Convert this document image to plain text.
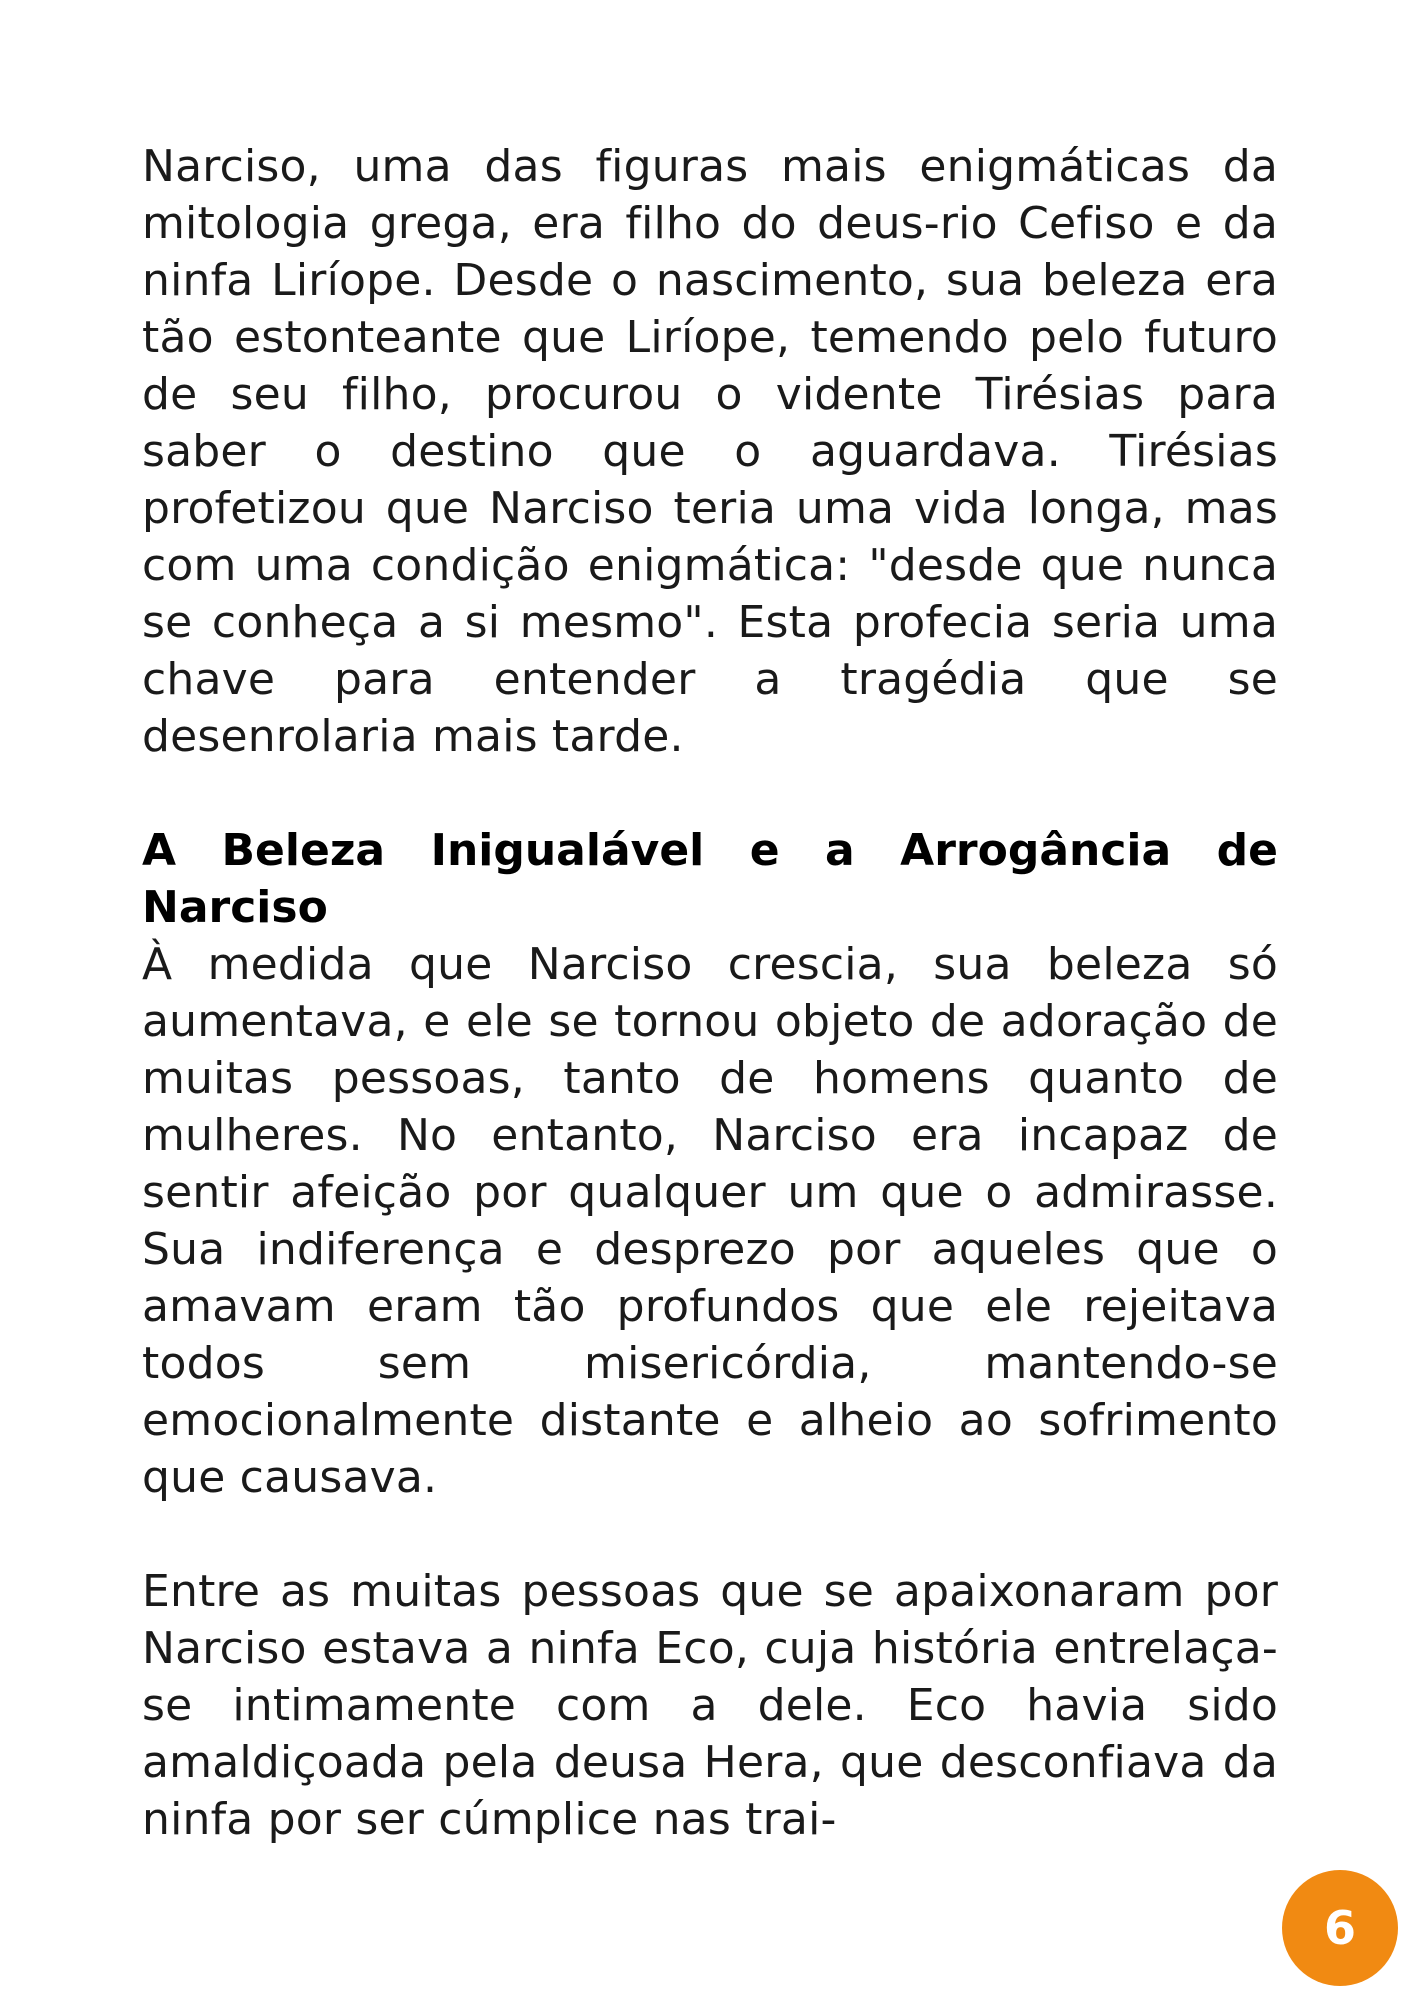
Narciso, uma das figuras mais enigmáticas da mitologia grega, era filho do deus-rio Cefiso e da ninfa Liríope. Desde o nascimento, sua beleza era tão estonteante que Liríope, temendo pelo futuro de seu filho, procurou o vidente Tirésias para saber o destino que o aguardava. Tirésias profetizou que Narciso teria uma vida longa, mas com uma condição enigmática: "desde que nunca se conheça a si mesmo". Esta profecia seria uma chave para entender a tragédia que se desenrolaria mais tarde.

A Beleza Inigualável e a Arrogância de Narciso

À medida que Narciso crescia, sua beleza só aumentava, e ele se tornou objeto de adoração de muitas pessoas, tanto de homens quanto de mulheres. No entanto, Narciso era incapaz de sentir afeição por qualquer um que o admirasse. Sua indiferença e desprezo por aqueles que o amavam eram tão profundos que ele rejeitava todos sem misericórdia, mantendo-se emocionalmente distante e alheio ao sofrimento que causava.

Entre as muitas pessoas que se apaixonaram por Narciso estava a ninfa Eco, cuja história entrelaça-se intimamente com a dele. Eco havia sido amaldiçoada pela deusa Hera, que desconfiava da ninfa por ser cúmplice nas trai-

6
